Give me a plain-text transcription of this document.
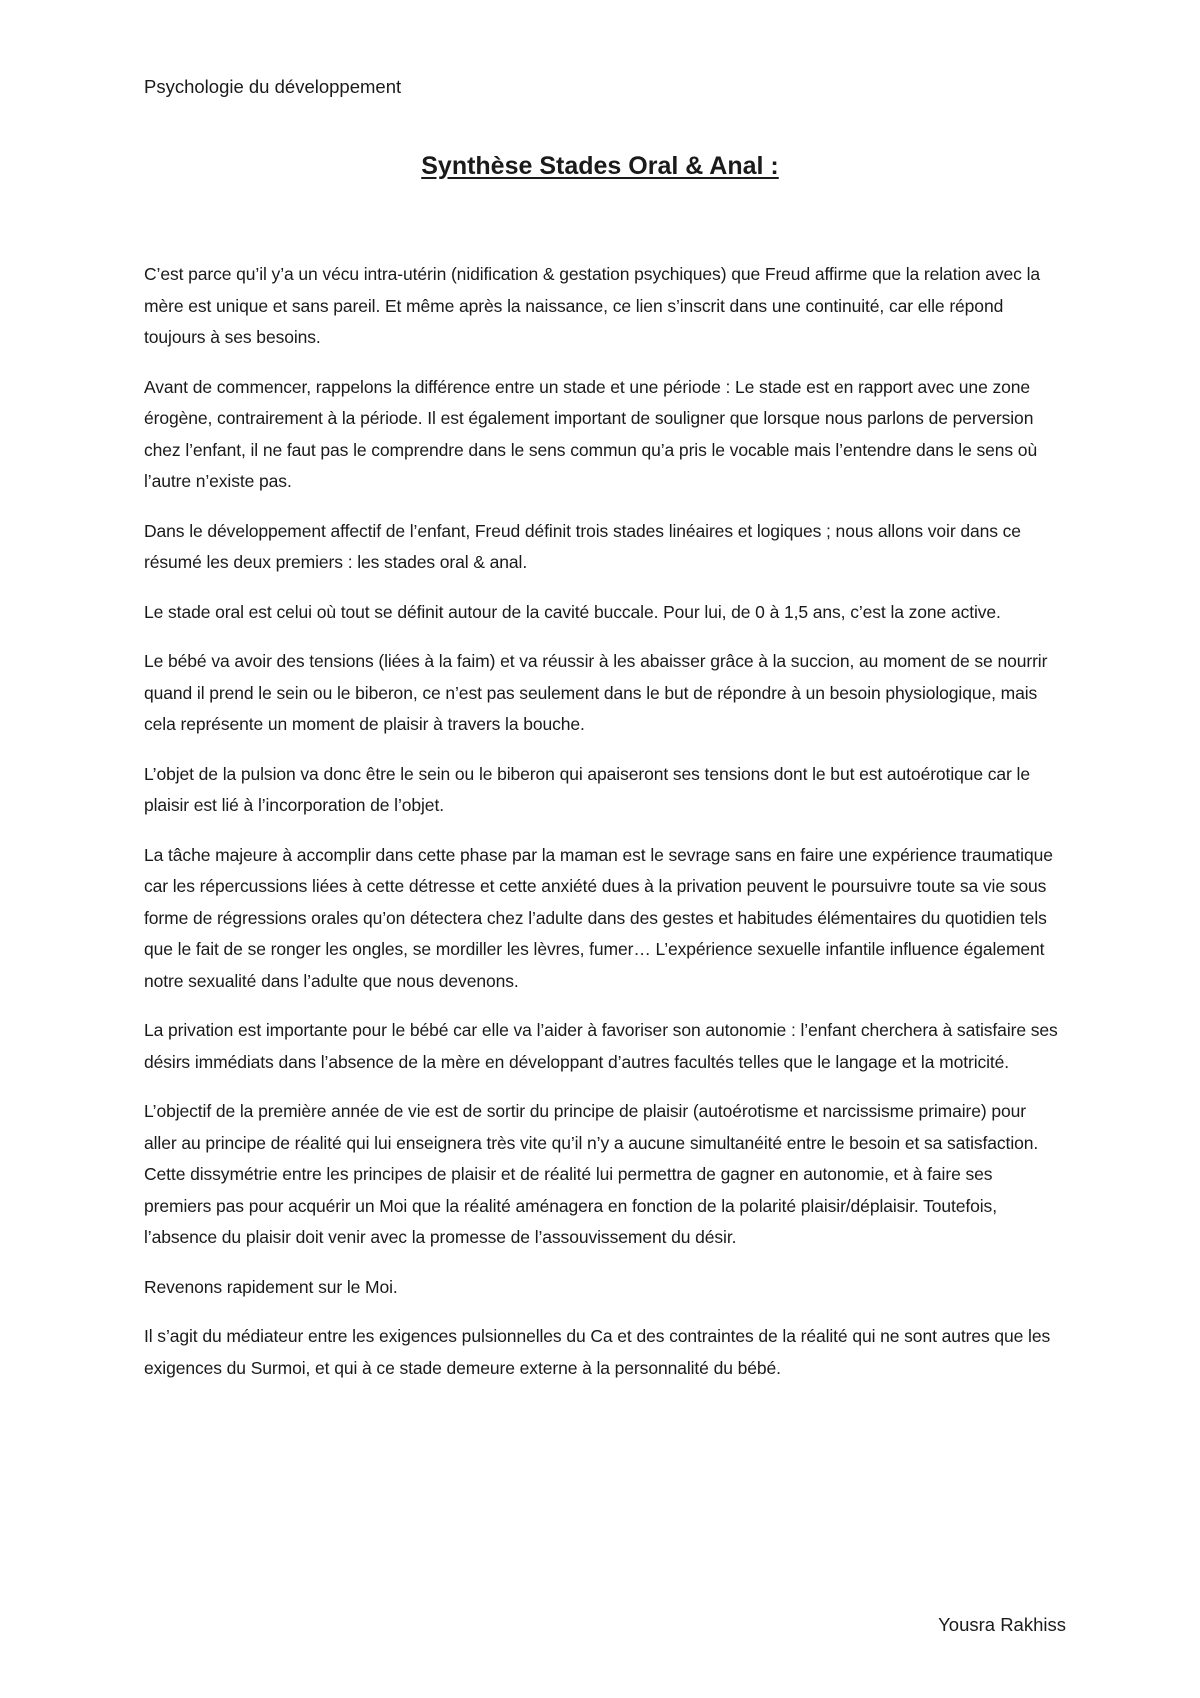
Psychologie du développement
Synthèse Stades Oral & Anal :

C’est parce qu’il y’a un vécu intra-utérin (nidification & gestation psychiques) que Freud affirme que la relation avec la mère est unique et sans pareil. Et même après la naissance, ce lien s’inscrit dans une continuité, car elle répond toujours à ses besoins.

Avant de commencer, rappelons la différence entre un stade et une période : Le stade est en rapport avec une zone érogène, contrairement à la période. Il est également important de souligner que lorsque nous parlons de perversion chez l’enfant, il ne faut pas le comprendre dans le sens commun qu’a pris le vocable mais l’entendre dans le sens où l’autre n’existe pas.

Dans le développement affectif de l’enfant, Freud définit trois stades linéaires et logiques ; nous allons voir dans ce résumé les deux premiers : les stades oral & anal.

Le stade oral est celui où tout se définit autour de la cavité buccale. Pour lui, de 0 à 1,5 ans, c’est la zone active.

Le bébé va avoir des tensions (liées à la faim) et va réussir à les abaisser grâce à la succion, au moment de se nourrir quand il prend le sein ou le biberon, ce n’est pas seulement dans le but de répondre à un besoin physiologique, mais cela représente un moment de plaisir à travers la bouche.

L’objet de la pulsion va donc être le sein ou le biberon qui apaiseront ses tensions dont le but est autoérotique car le plaisir est lié à l’incorporation de l’objet.

La tâche majeure à accomplir dans cette phase par la maman est le sevrage sans en faire une expérience traumatique car les répercussions liées à cette détresse et cette anxiété dues à la privation peuvent le poursuivre toute sa vie sous forme de régressions orales qu’on détectera chez l’adulte dans des gestes et habitudes élémentaires du quotidien tels que le fait de se ronger les ongles, se mordiller les lèvres, fumer… L’expérience sexuelle infantile influence également notre sexualité dans l’adulte que nous devenons.

La privation est importante pour le bébé car elle va l’aider à favoriser son autonomie : l’enfant cherchera à satisfaire ses désirs immédiats dans l’absence de la mère en développant d’autres facultés telles que le langage et la motricité.

L’objectif de la première année de vie est de sortir du principe de plaisir (autoérotisme et narcissisme primaire) pour aller au principe de réalité qui lui enseignera très vite qu’il n’y a aucune simultanéité entre le besoin et sa satisfaction. Cette dissymétrie entre les principes de plaisir et de réalité lui permettra de gagner en autonomie, et à faire ses premiers pas pour acquérir un Moi que la réalité aménagera en fonction de la polarité plaisir/déplaisir. Toutefois, l’absence du plaisir doit venir avec la promesse de l’assouvissement du désir.

Revenons rapidement sur le Moi.

Il s’agit du médiateur entre les exigences pulsionnelles du Ca et des contraintes de la réalité qui ne sont autres que les exigences du Surmoi, et qui à ce stade demeure externe à la personnalité du bébé.

Yousra Rakhiss
